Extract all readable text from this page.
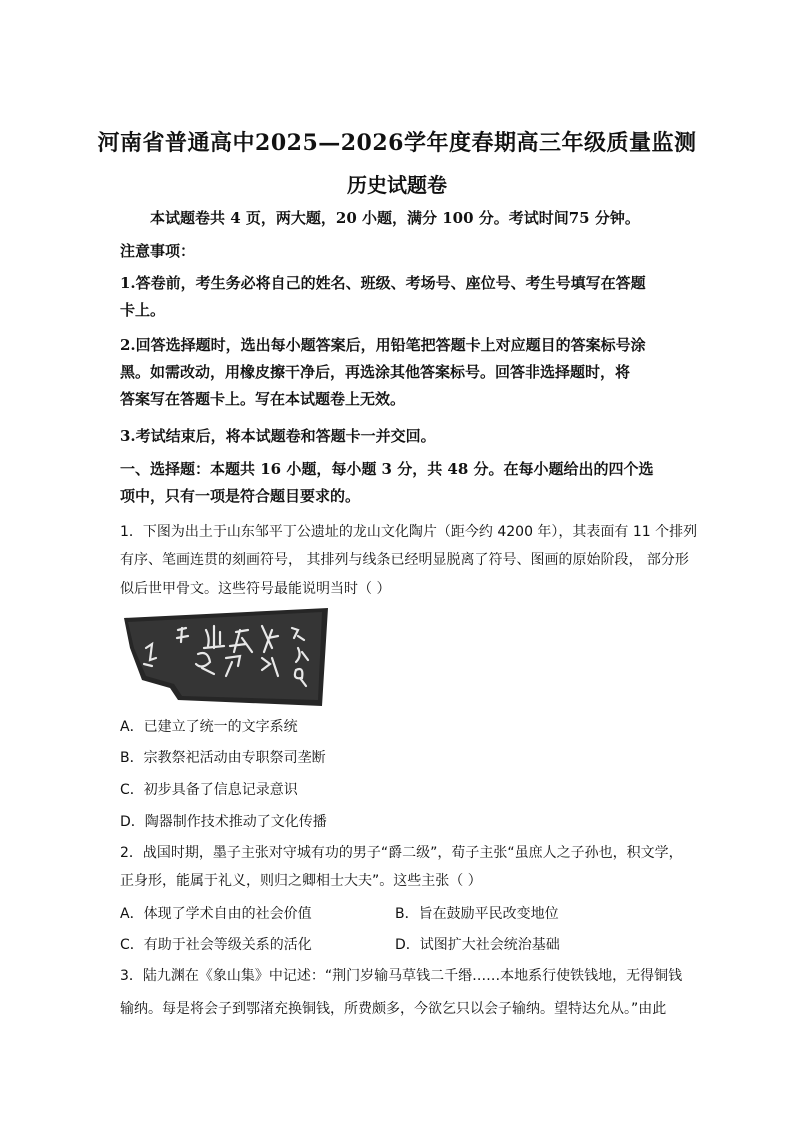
河南省普通高中2025—2026学年度春期高三年级质量监测
历史试题卷
本试题卷共 4 页，两大题，20 小题，满分 100 分。考试时间75 分钟。
注意事项：
1.答卷前，考生务必将自己的姓名、班级、考场号、座位号、考生号填写在答题
卡上。
2.回答选择题时，选出每小题答案后，用铅笔把答题卡上对应题目的答案标号涂
黑。如需改动，用橡皮擦干净后，再选涂其他答案标号。回答非选择题时，将
答案写在答题卡上。写在本试题卷上无效。
3.考试结束后，将本试题卷和答题卡一并交回。
一、选择题：本题共 16 小题，每小题 3 分，共 48 分。在每小题给出的四个选
项中，只有一项是符合题目要求的。
1．下图为出土于山东邹平丁公遗址的龙山文化陶片（距今约 4200 年），其表面有 11 个排列
有序、笔画连贯的刻画符号， 其排列与线条已经明显脱离了符号、图画的原始阶段， 部分形
似后世甲骨文。这些符号最能说明当时（ ）
A．已建立了统一的文字系统
B．宗教祭祀活动由专职祭司垄断
C．初步具备了信息记录意识
D．陶器制作技术推动了文化传播
2．战国时期，墨子主张对守城有功的男子“爵二级”，荀子主张“虽庶人之子孙也，积文学，
正身形，能属于礼义，则归之卿相士大夫”。这些主张（ ）
A．体现了学术自由的社会价值	B．旨在鼓励平民改变地位
C．有助于社会等级关系的活化	D．试图扩大社会统治基础
3．陆九渊在《象山集》中记述：“荆门岁输马草钱二千缗……本地系行使铁钱地，无得铜钱
输纳。每是将会子到鄂渚充换铜钱，所费颇多，今欲乞只以会子输纳。望特达允从。”由此
